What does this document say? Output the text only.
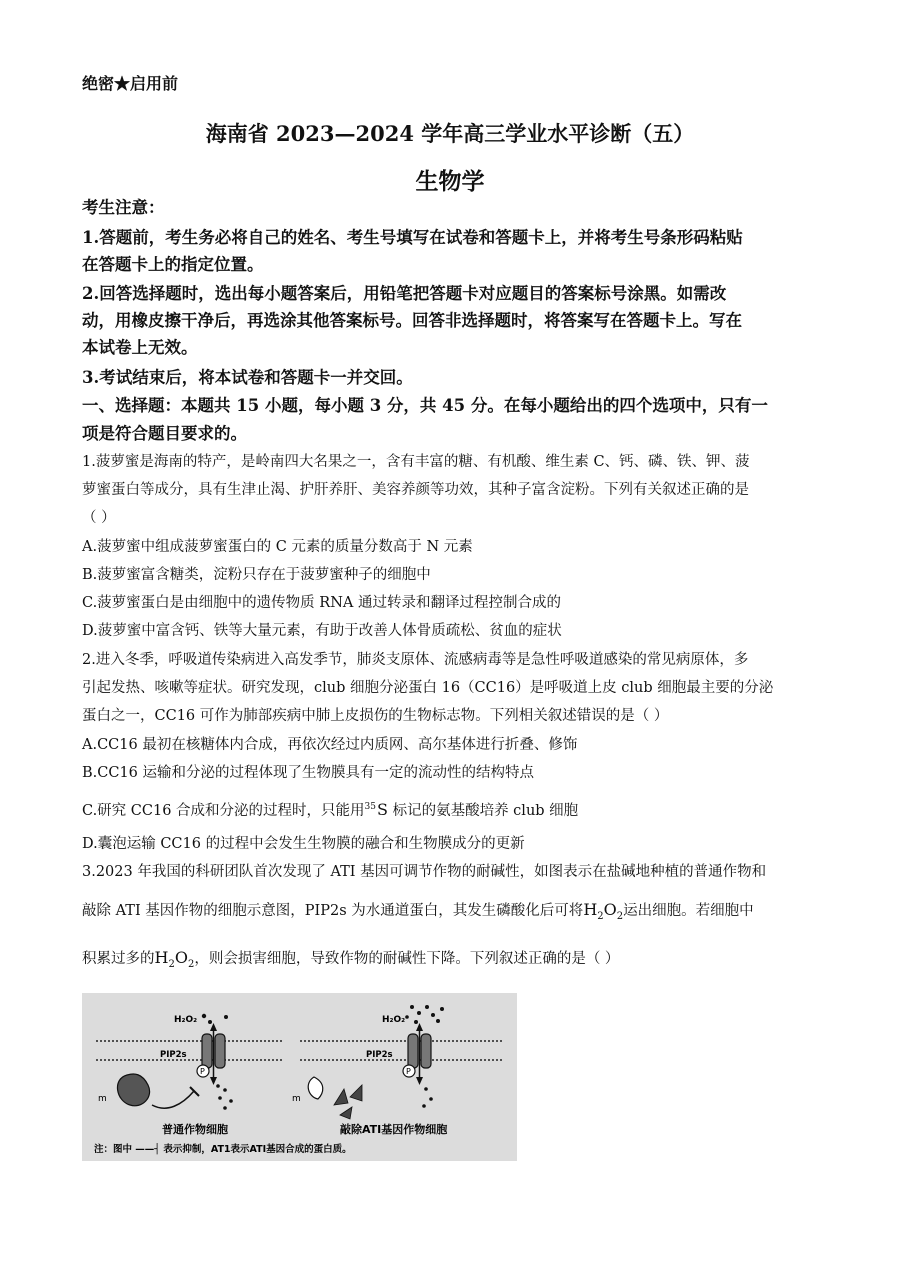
绝密★启用前
海南省 2023—2024 学年高三学业水平诊断（五）
生物学
考生注意：
1.答题前，考生务必将自己的姓名、考生号填写在试卷和答题卡上，并将考生号条形码粘贴
在答题卡上的指定位置。
2.回答选择题时，选出每小题答案后，用铅笔把答题卡对应题目的答案标号涂黑。如需改
动，用橡皮擦干净后，再选涂其他答案标号。回答非选择题时，将答案写在答题卡上。写在
本试卷上无效。
3.考试结束后，将本试卷和答题卡一并交回。
一、选择题：本题共 15 小题，每小题 3 分，共 45 分。在每小题给出的四个选项中，只有一
项是符合题目要求的。
1.菠萝蜜是海南的特产，是岭南四大名果之一，含有丰富的糖、有机酸、维生素 C、钙、磷、铁、钾、菠
萝蜜蛋白等成分，具有生津止渴、护肝养肝、美容养颜等功效，其种子富含淀粉。下列有关叙述正确的是
（ ）
A.菠萝蜜中组成菠萝蜜蛋白的 C 元素的质量分数高于 N 元素
B.菠萝蜜富含糖类，淀粉只存在于菠萝蜜种子的细胞中
C.菠萝蜜蛋白是由细胞中的遗传物质 RNA 通过转录和翻译过程控制合成的
D.菠萝蜜中富含钙、铁等大量元素，有助于改善人体骨质疏松、贫血的症状
2.进入冬季，呼吸道传染病进入高发季节，肺炎支原体、流感病毒等是急性呼吸道感染的常见病原体，多
引起发热、咳嗽等症状。研究发现，club 细胞分泌蛋白 16（CC16）是呼吸道上皮 club 细胞最主要的分泌
蛋白之一，CC16 可作为肺部疾病中肺上皮损伤的生物标志物。下列相关叙述错误的是（ ）
A.CC16 最初在核糖体内合成，再依次经过内质网、高尔基体进行折叠、修饰
B.CC16 运输和分泌的过程体现了生物膜具有一定的流动性的结构特点
C.研究 CC16 合成和分泌的过程时，只能用$^{35}$S 标记的氨基酸培养 club 细胞
D.囊泡运输 CC16 的过程中会发生生物膜的融合和生物膜成分的更新
3.2023 年我国的科研团队首次发现了 ATI 基因可调节作物的耐碱性，如图表示在盐碱地种植的普通作物和
敲除 ATI 基因作物的细胞示意图，PIP2s 为水通道蛋白，其发生磷酸化后可将$H_2O_2$运出细胞。若细胞中
积累过多的$H_2O_2$，则会损害细胞，导致作物的耐碱性下降。下列叙述正确的是（ ）
H₂O₂
PIP2s
P
m
普通作物细胞
H₂O₂
PIP2s
P
m
敲除ATI基因作物细胞
注：图中 ——┤ 表示抑制，AT1表示ATI基因合成的蛋白质。
